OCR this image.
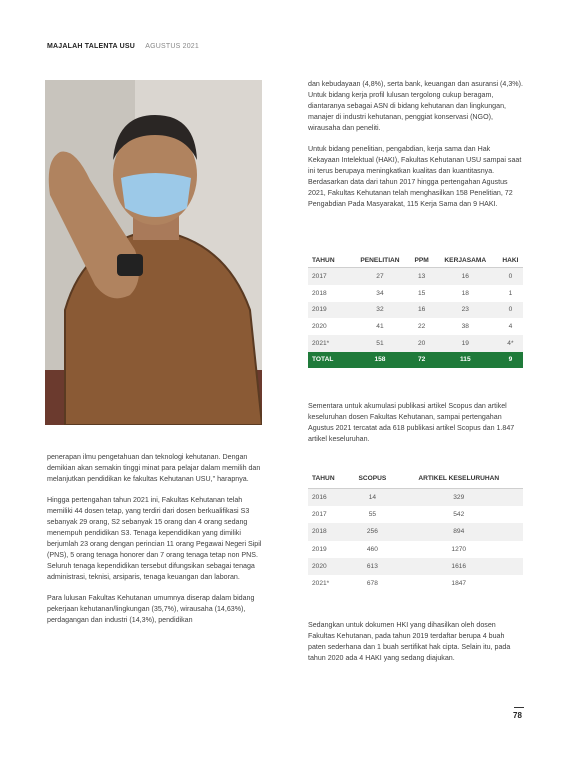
MAJALAH TALENTA USU AGUSTUS 2021

dan kebudayaan (4,8%), serta bank, keuangan dan asuransi (4,3%). Untuk bidang kerja profil lulusan tergolong cukup beragam, diantaranya sebagai ASN di bidang kehutanan dan lingkungan, manajer di industri kehutanan, penggiat konservasi (NGO), wirausaha dan peneliti.

Untuk bidang penelitian, pengabdian, kerja sama dan Hak Kekayaan Intelektual (HAKI), Fakultas Kehutanan USU sampai saat ini terus berupaya meningkatkan kualitas dan kuantitasnya. Berdasarkan data dari tahun 2017 hingga pertengahan Agustus 2021, Fakultas Kehutanan telah menghasilkan 158 Penelitian, 72 Pengabdian Pada Masyarakat, 115 Kerja Sama dan 9 HAKI.

TAHUN	PENELITIAN	PPM	KERJASAMA	HAKI
2017	27	13	16	0
2018	34	15	18	1
2019	32	16	23	0
2020	41	22	38	4
2021*	51	20	19	4*
TOTAL	158	72	115	9

Sementara untuk akumulasi publikasi artikel Scopus dan artikel keseluruhan dosen Fakultas Kehutanan, sampai pertengahan Agustus 2021 tercatat ada 618 publikasi artikel Scopus dan 1.847 artikel keseluruhan.

TAHUN	SCOPUS	ARTIKEL KESELURUHAN
2016	14	329
2017	55	542
2018	256	894
2019	460	1270
2020	613	1616
2021*	678	1847

Sedangkan untuk dokumen HKI yang dihasilkan oleh dosen Fakultas Kehutanan, pada tahun 2019 terdaftar berupa 4 buah paten sederhana dan 1 buah sertifikat hak cipta. Selain itu, pada tahun 2020 ada 4 HAKI yang sedang diajukan.

penerapan ilmu pengetahuan dan teknologi kehutanan. Dengan demikian akan semakin tinggi minat para pelajar dalam memilih dan melanjutkan pendidikan ke fakultas Kehutanan USU," harapnya.

Hingga pertengahan tahun 2021 ini, Fakultas Kehutanan telah memiliki 44 dosen tetap, yang terdiri dari dosen berkualifikasi S3 sebanyak 29 orang, S2 sebanyak 15 orang dan 4 orang sedang menempuh pendidikan S3. Tenaga kependidikan yang dimiliki berjumlah 23 orang dengan perincian 11 orang Pegawai Negeri Sipil (PNS), 5 orang tenaga honorer dan 7 orang tenaga tetap non PNS. Seluruh tenaga kependidikan tersebut difungsikan sebagai tenaga administrasi, teknisi, arsiparis, tenaga keuangan dan laboran.

Para lulusan Fakultas Kehutanan umumnya diserap dalam bidang pekerjaan kehutanan/lingkungan (35,7%), wirausaha (14,63%), perdagangan dan industri (14,3%), pendidikan

78
